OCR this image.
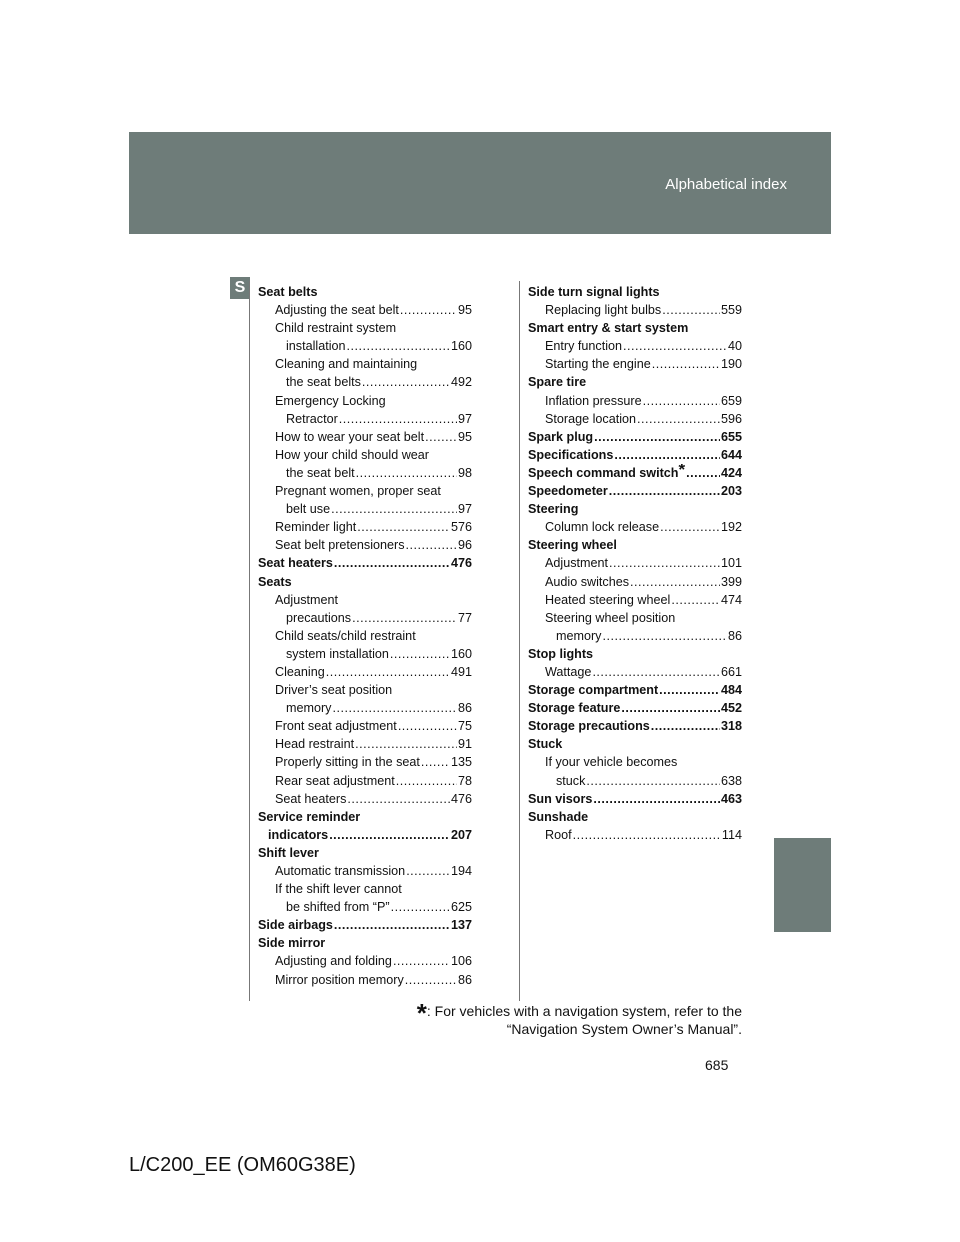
Alphabetical index
S	Seat belts
Adjusting the seat belt .....	95
Child restraint system
installation .....	160
Cleaning and maintaining
the seat belts .....	492
Emergency Locking
Retractor .....	97
How to wear your seat belt .....	95
How your child should wear
the seat belt .....	98
Pregnant women, proper seat
belt use .....	97
Reminder light .....	576
Seat belt pretensioners .....	96
Seat heaters .....	476
Seats
Adjustment
precautions .....	77
Child seats/child restraint
system installation .....	160
Cleaning .....	491
Driver’s seat position
memory .....	86
Front seat adjustment .....	75
Head restraint .....	91
Properly sitting in the seat ..... 135
Rear seat adjustment .....	78
Seat heaters .....	476
Service reminder
indicators .....	207
Shift lever
Automatic transmission .....	194
If the shift lever cannot
be shifted from “P” .....	625
Side airbags .....	137
Side mirror
Adjusting and folding .....	106
Mirror position memory .....	86
Side turn signal lights
Replacing light bulbs .....	559
Smart entry & start system
Entry function .....	40
Starting the engine .....	190
Spare tire
Inflation pressure .....	659
Storage location .....	596
Spark plug .....	655
Specifications .....	644
Speech command switch * .....	424
Speedometer .....	203
Steering
Column lock release .....	192
Steering wheel
Adjustment .....	101
Audio switches .....	399
Heated steering wheel .....	474
Steering wheel position
memory .....	86
Stop lights
Wattage .....	661
Storage compartment .....	484
Storage feature .....	452
Storage precautions .....	318
Stuck
If your vehicle becomes
stuck .....	638
Sun visors .....	463
Sunshade
Roof .....	114
*: For vehicles with a navigation system, refer to the
“Navigation System Owner’s Manual”.
685
L/C200_EE (OM60G38E)
